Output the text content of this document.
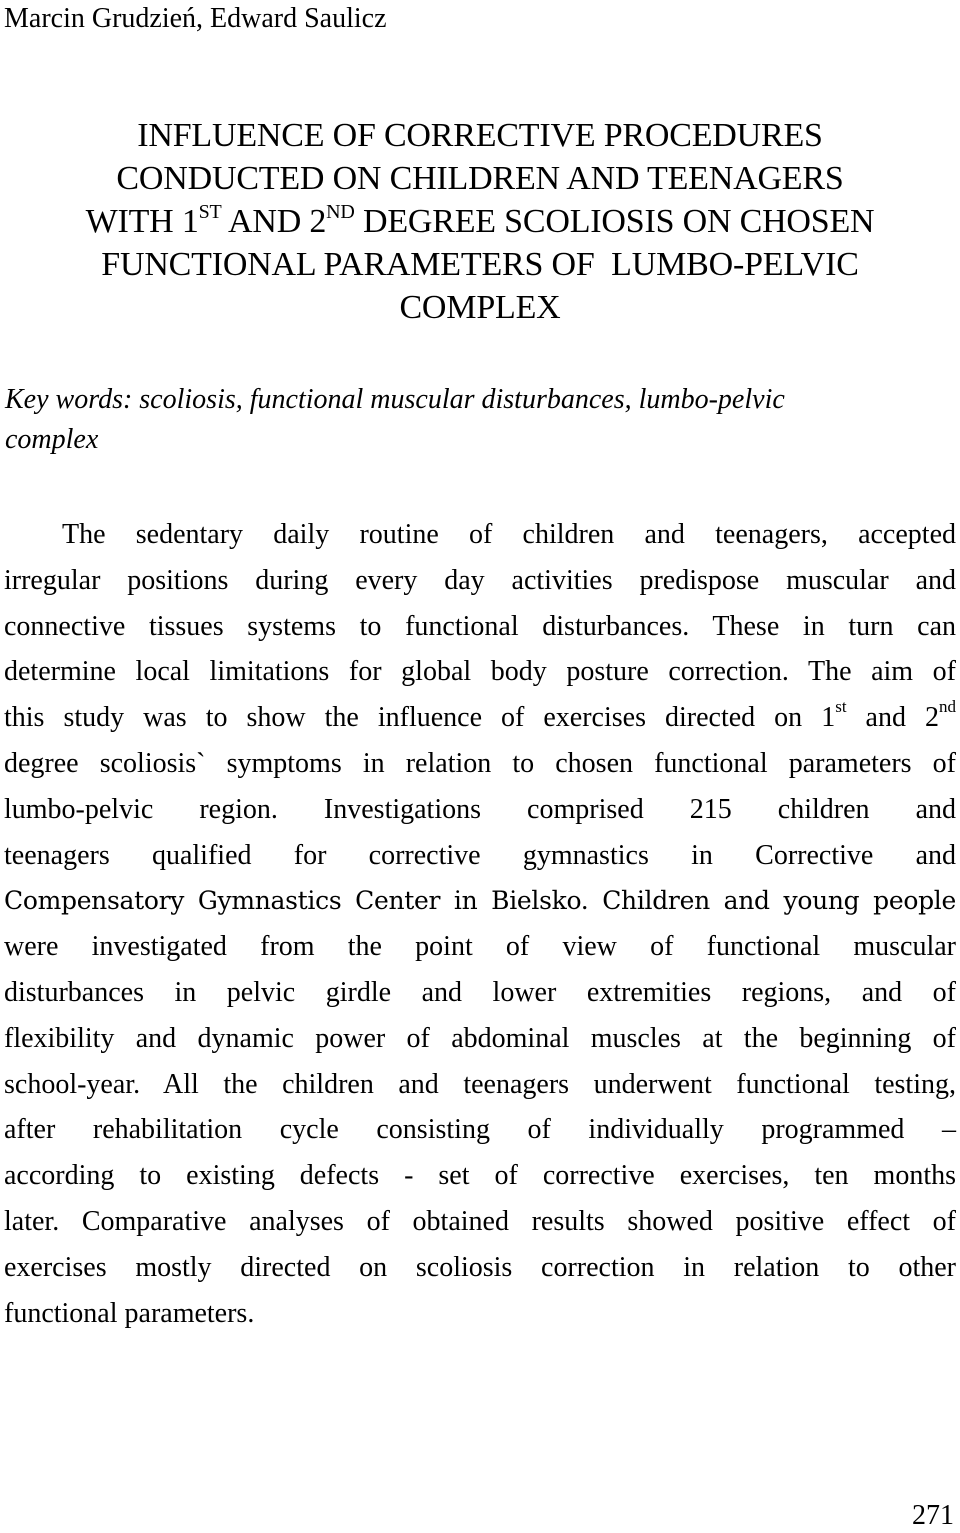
Marcin Grudzień, Edward Saulicz
INFLUENCE OF CORRECTIVE PROCEDURES
CONDUCTED ON CHILDREN AND TEENAGERS
WITH 1ST AND 2ND DEGREE SCOLIOSIS ON CHOSEN
FUNCTIONAL PARAMETERS OF  LUMBO-PELVIC
COMPLEX
Key words: scoliosis, functional muscular disturbances, lumbo-pelvic
complex
The sedentary daily routine of children and teenagers, accepted
irregular positions during every day activities predispose muscular and
connective tissues systems to functional disturbances. These in turn can
determine local limitations for global body posture correction. The aim of
this study was to show the influence of exercises directed on 1st and 2nd
degree scoliosis` symptoms in relation to chosen functional parameters of
lumbo-pelvic region. Investigations comprised 215 children and
teenagers qualified for corrective gymnastics in Corrective and
Compensatory Gymnastics Center in Bielsko. Children and young people
were investigated from the point of view of functional muscular
disturbances in pelvic girdle and lower extremities regions, and of
flexibility and dynamic power of abdominal muscles at the beginning of
school-year. All the children and teenagers underwent functional testing,
after rehabilitation cycle consisting of individually programmed –
according to existing defects - set of corrective exercises, ten months
later. Comparative analyses of obtained results showed positive effect of
exercises mostly directed on scoliosis correction in relation to other
functional parameters.
271
